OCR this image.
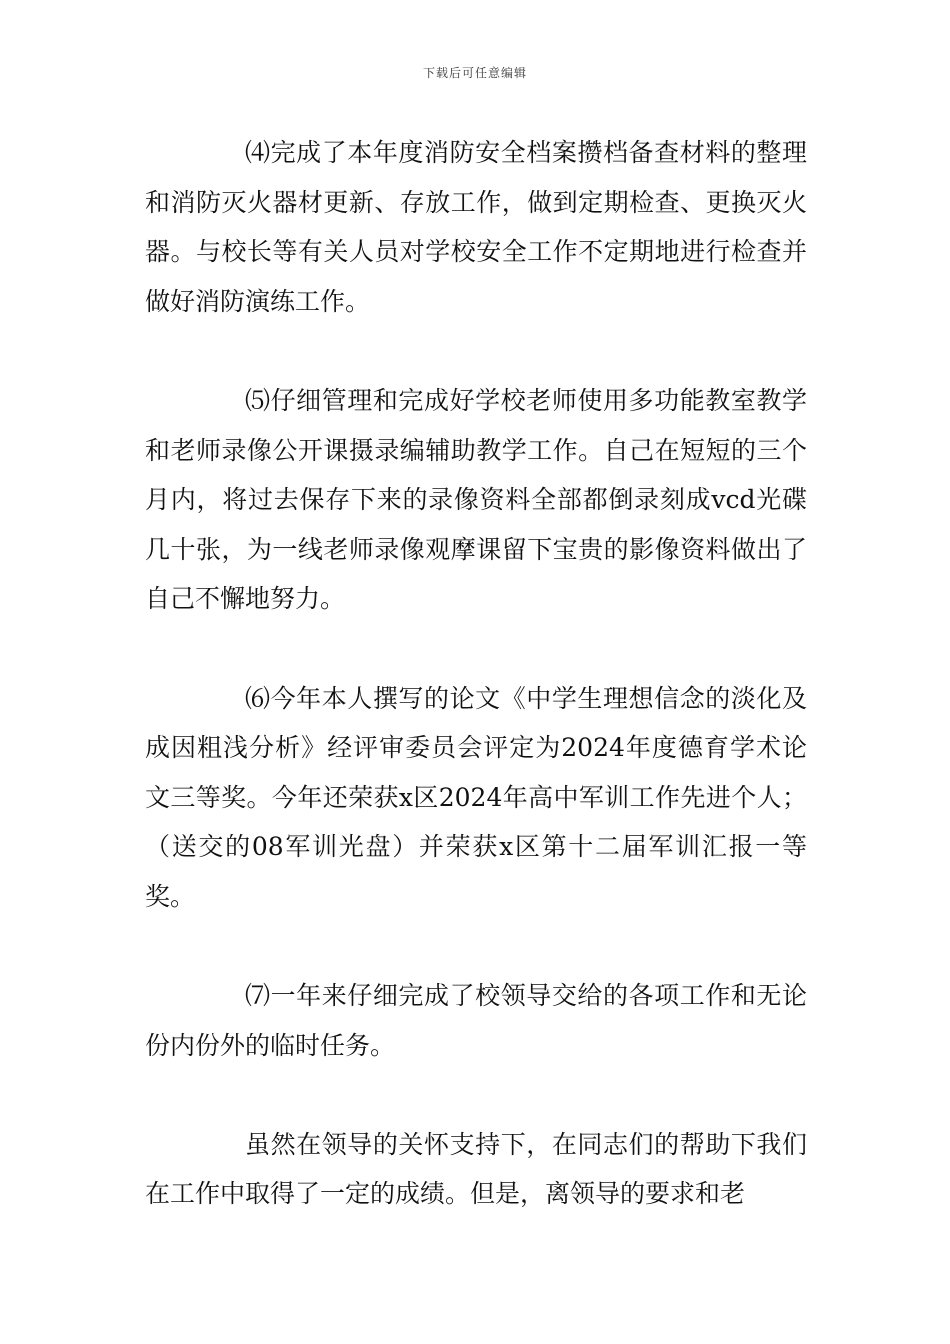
下载后可任意编辑

⑷完成了本年度消防安全档案攒档备查材料的整理和消防灭火器材更新、存放工作，做到定期检查、更换灭火器。与校长等有关人员对学校安全工作不定期地进行检查并做好消防演练工作。

⑸仔细管理和完成好学校老师使用多功能教室教学和老师录像公开课摄录编辅助教学工作。自己在短短的三个月内，将过去保存下来的录像资料全部都倒录刻成vcd光碟几十张，为一线老师录像观摩课留下宝贵的影像资料做出了自己不懈地努力。

⑹今年本人撰写的论文《中学生理想信念的淡化及成因粗浅分析》经评审委员会评定为2024年度德育学术论文三等奖。今年还荣获x区2024年高中军训工作先进个人；（送交的08军训光盘）并荣获x区第十二届军训汇报一等奖。

⑺一年来仔细完成了校领导交给的各项工作和无论份内份外的临时任务。

虽然在领导的关怀支持下，在同志们的帮助下我们在工作中取得了一定的成绩。但是，离领导的要求和老
